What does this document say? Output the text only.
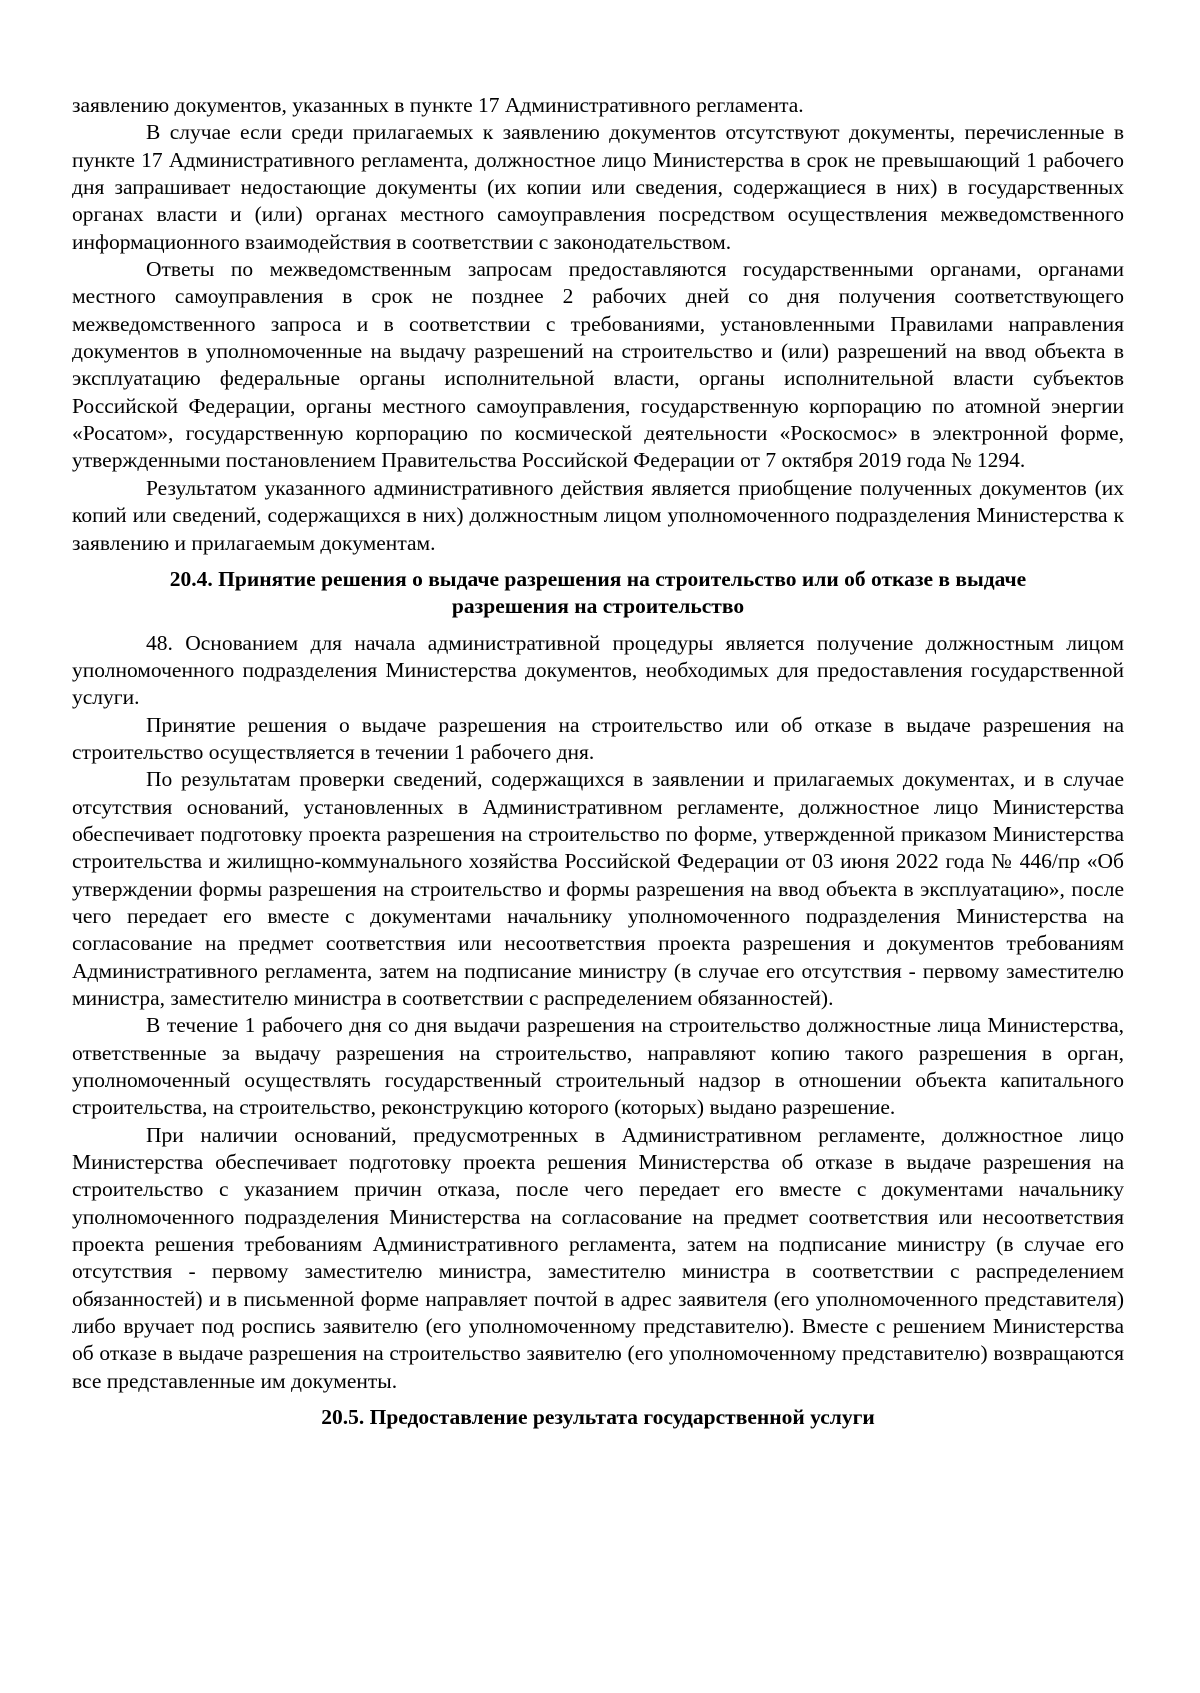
заявлению документов, указанных в пункте 17 Административного регламента.

В случае если среди прилагаемых к заявлению документов отсутствуют документы, перечисленные в пункте 17 Административного регламента, должностное лицо Министерства в срок не превышающий 1 рабочего дня запрашивает недостающие документы (их копии или сведения, содержащиеся в них) в государственных органах власти и (или) органах местного самоуправления посредством осуществления межведомственного информационного взаимодействия в соответствии с законодательством.

Ответы по межведомственным запросам предоставляются государственными органами, органами местного самоуправления в срок не позднее 2 рабочих дней со дня получения соответствующего межведомственного запроса и в соответствии с требованиями, установленными Правилами направления документов в уполномоченные на выдачу разрешений на строительство и (или) разрешений на ввод объекта в эксплуатацию федеральные органы исполнительной власти, органы исполнительной власти субъектов Российской Федерации, органы местного самоуправления, государственную корпорацию по атомной энергии «Росатом», государственную корпорацию по космической деятельности «Роскосмос» в электронной форме, утвержденными постановлением Правительства Российской Федерации от 7 октября 2019 года № 1294.

Результатом указанного административного действия является приобщение полученных документов (их копий или сведений, содержащихся в них) должностным лицом уполномоченного подразделения Министерства к заявлению и прилагаемым документам.

20.4. Принятие решения о выдаче разрешения на строительство или об отказе в выдаче
разрешения на строительство

48. Основанием для начала административной процедуры является получение должностным лицом уполномоченного подразделения Министерства документов, необходимых для предоставления государственной услуги.

Принятие решения о выдаче разрешения на строительство или об отказе в выдаче разрешения на строительство осуществляется в течении 1 рабочего дня.

По результатам проверки сведений, содержащихся в заявлении и прилагаемых документах, и в случае отсутствия оснований, установленных в Административном регламенте, должностное лицо Министерства обеспечивает подготовку проекта разрешения на строительство по форме, утвержденной приказом Министерства строительства и жилищно-коммунального хозяйства Российской Федерации от 03 июня 2022 года № 446/пр «Об утверждении формы разрешения на строительство и формы разрешения на ввод объекта в эксплуатацию», после чего передает его вместе с документами начальнику уполномоченного подразделения Министерства на согласование на предмет соответствия или несоответствия проекта разрешения и документов требованиям Административного регламента, затем на подписание министру (в случае его отсутствия - первому заместителю министра, заместителю министра в соответствии с распределением обязанностей).

В течение 1 рабочего дня со дня выдачи разрешения на строительство должностные лица Министерства, ответственные за выдачу разрешения на строительство, направляют копию такого разрешения в орган, уполномоченный осуществлять государственный строительный надзор в отношении объекта капитального строительства, на строительство, реконструкцию которого (которых) выдано разрешение.

При наличии оснований, предусмотренных в Административном регламенте, должностное лицо Министерства обеспечивает подготовку проекта решения Министерства об отказе в выдаче разрешения на строительство с указанием причин отказа, после чего передает его вместе с документами начальнику уполномоченного подразделения Министерства на согласование на предмет соответствия или несоответствия проекта решения требованиям Административного регламента, затем на подписание министру (в случае его отсутствия - первому заместителю министра, заместителю министра в соответствии с распределением обязанностей) и в письменной форме направляет почтой в адрес заявителя (его уполномоченного представителя) либо вручает под роспись заявителю (его уполномоченному представителю). Вместе с решением Министерства об отказе в выдаче разрешения на строительство заявителю (его уполномоченному представителю) возвращаются все представленные им документы.

20.5. Предоставление результата государственной услуги
